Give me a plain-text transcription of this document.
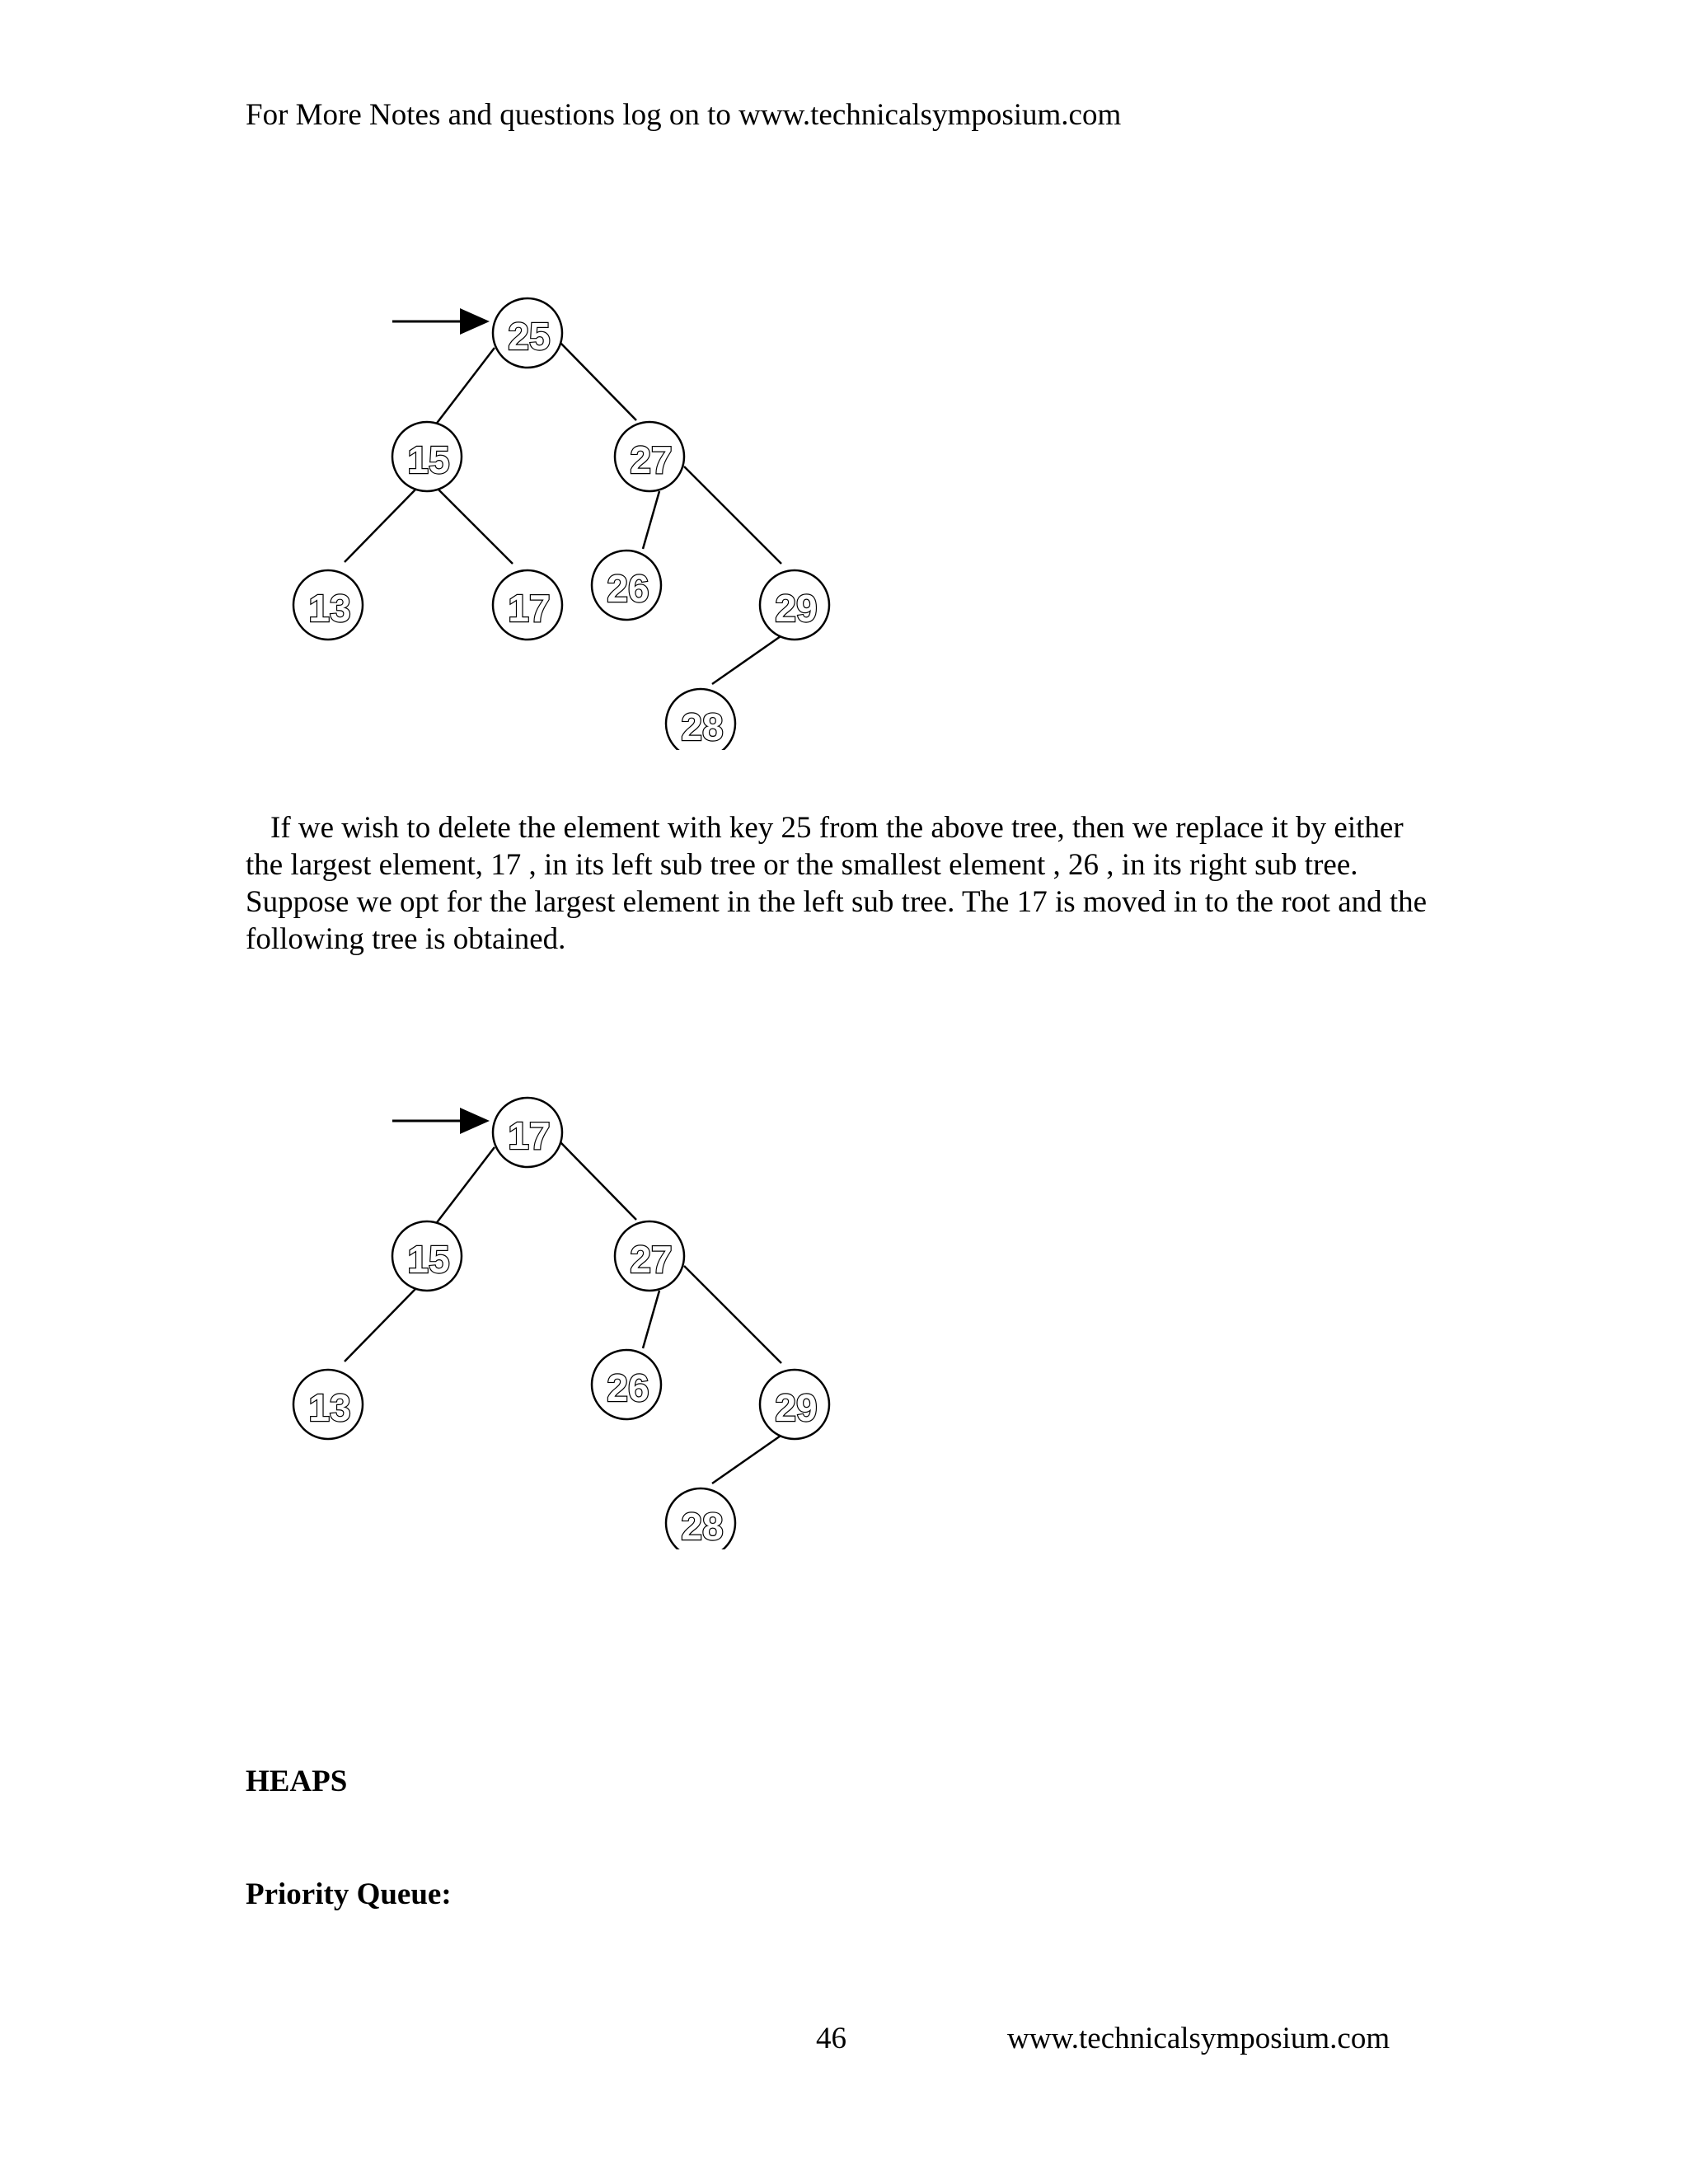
For More Notes and questions log on to www.technicalsymposium.com
25
15	27
13	17 26	29
28

If we wish to delete the element with key 25 from the above tree, then we replace it by either the largest element, 17 , in its left sub tree or the smallest element , 26 , in its right sub tree. Suppose we opt for the largest element in the left sub tree. The 17 is moved in to the root and the following tree is obtained.

17
15	27
13	26	29
28
HEAPS
Priority Queue:
46	www.technicalsymposium.com
